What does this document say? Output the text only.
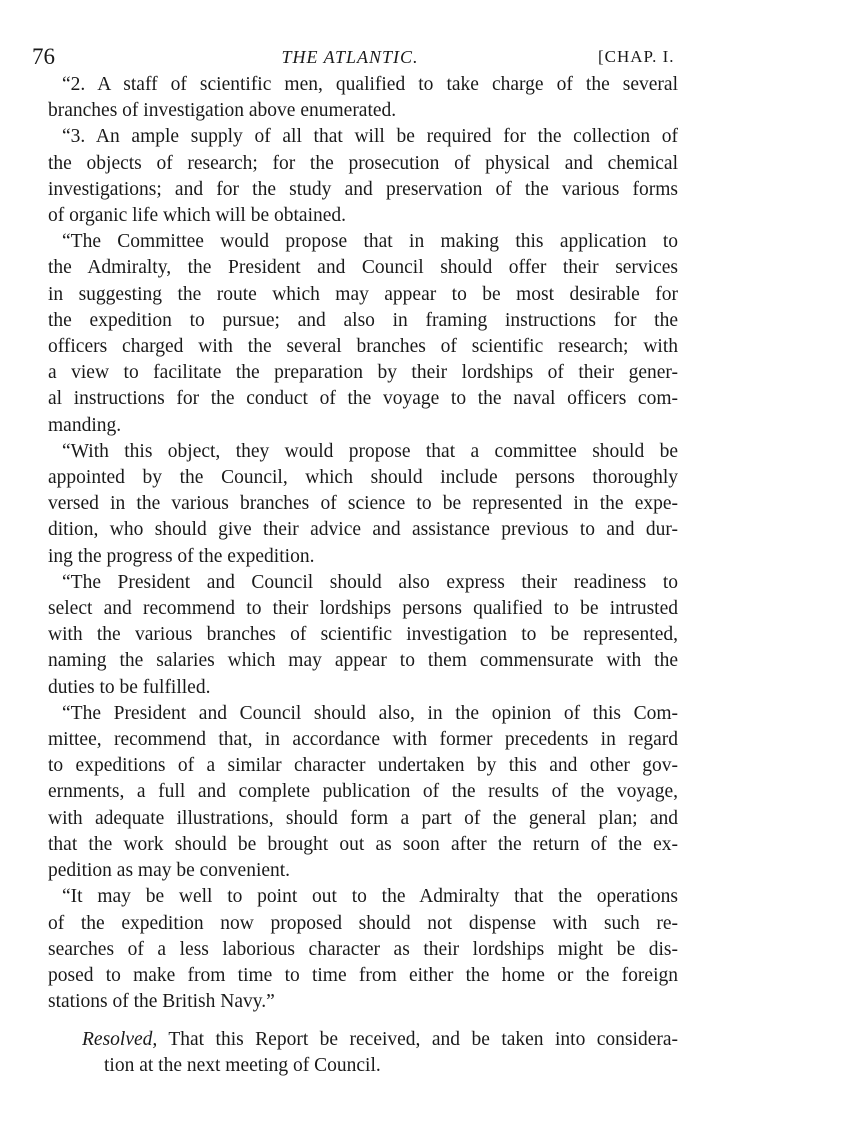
76	THE ATLANTIC.	[CHAP. I.
“2. A staff of scientific men, qualified to take charge of the several
branches of investigation above enumerated.
“3. An ample supply of all that will be required for the collection of
the objects of research; for the prosecution of physical and chemical
investigations; and for the study and preservation of the various forms
of organic life which will be obtained.
“The Committee would propose that in making this application to
the Admiralty, the President and Council should offer their services
in suggesting the route which may appear to be most desirable for
the expedition to pursue; and also in framing instructions for the
officers charged with the several branches of scientific research; with
a view to facilitate the preparation by their lordships of their gener-
al instructions for the conduct of the voyage to the naval officers com-
manding.
“With this object, they would propose that a committee should be
appointed by the Council, which should include persons thoroughly
versed in the various branches of science to be represented in the expe-
dition, who should give their advice and assistance previous to and dur-
ing the progress of the expedition.
“The President and Council should also express their readiness to
select and recommend to their lordships persons qualified to be intrusted
with the various branches of scientific investigation to be represented,
naming the salaries which may appear to them commensurate with the
duties to be fulfilled.
“The President and Council should also, in the opinion of this Com-
mittee, recommend that, in accordance with former precedents in regard
to expeditions of a similar character undertaken by this and other gov-
ernments, a full and complete publication of the results of the voyage,
with adequate illustrations, should form a part of the general plan; and
that the work should be brought out as soon after the return of the ex-
pedition as may be convenient.
“It may be well to point out to the Admiralty that the operations
of the expedition now proposed should not dispense with such re-
searches of a less laborious character as their lordships might be dis-
posed to make from time to time from either the home or the foreign
stations of the British Navy.”
Resolved, That this Report be received, and be taken into considera-
tion at the next meeting of Council.
